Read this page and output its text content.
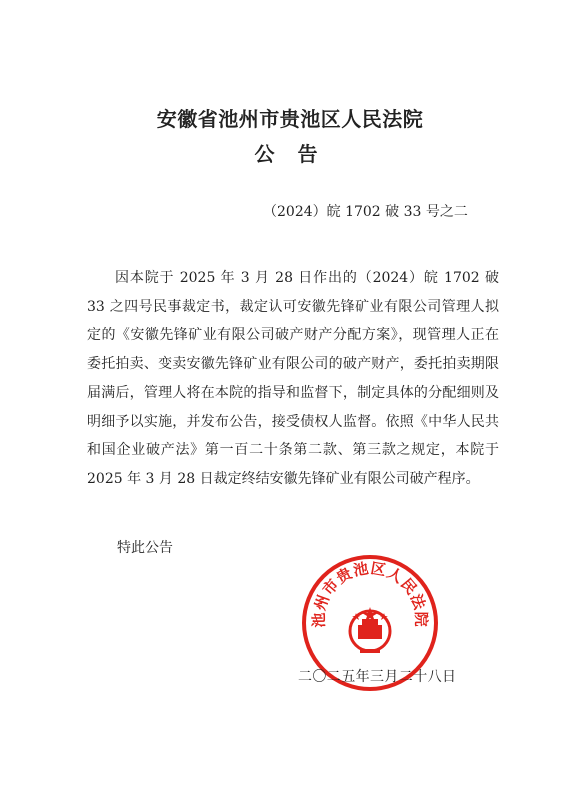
安徽省池州市贵池区人民法院
公 告
（2024）皖 1702 破 33 号之二

因本院于 2025 年 3 月 28 日作出的（2024）皖 1702 破 33 之四号民事裁定书，裁定认可安徽先锋矿业有限公司管理人拟定的《安徽先锋矿业有限公司破产财产分配方案》，现管理人正在委托拍卖、变卖安徽先锋矿业有限公司的破产财产，委托拍卖期限届满后，管理人将在本院的指导和监督下，制定具体的分配细则及明细予以实施，并发布公告，接受债权人监督。依照《中华人民共和国企业破产法》第一百二十条第二款、第三款之规定，本院于 2025 年 3 月 28 日裁定终结安徽先锋矿业有限公司破产程序。

特此公告
池州市贵池区人民法院
二〇二五年三月二十八日
